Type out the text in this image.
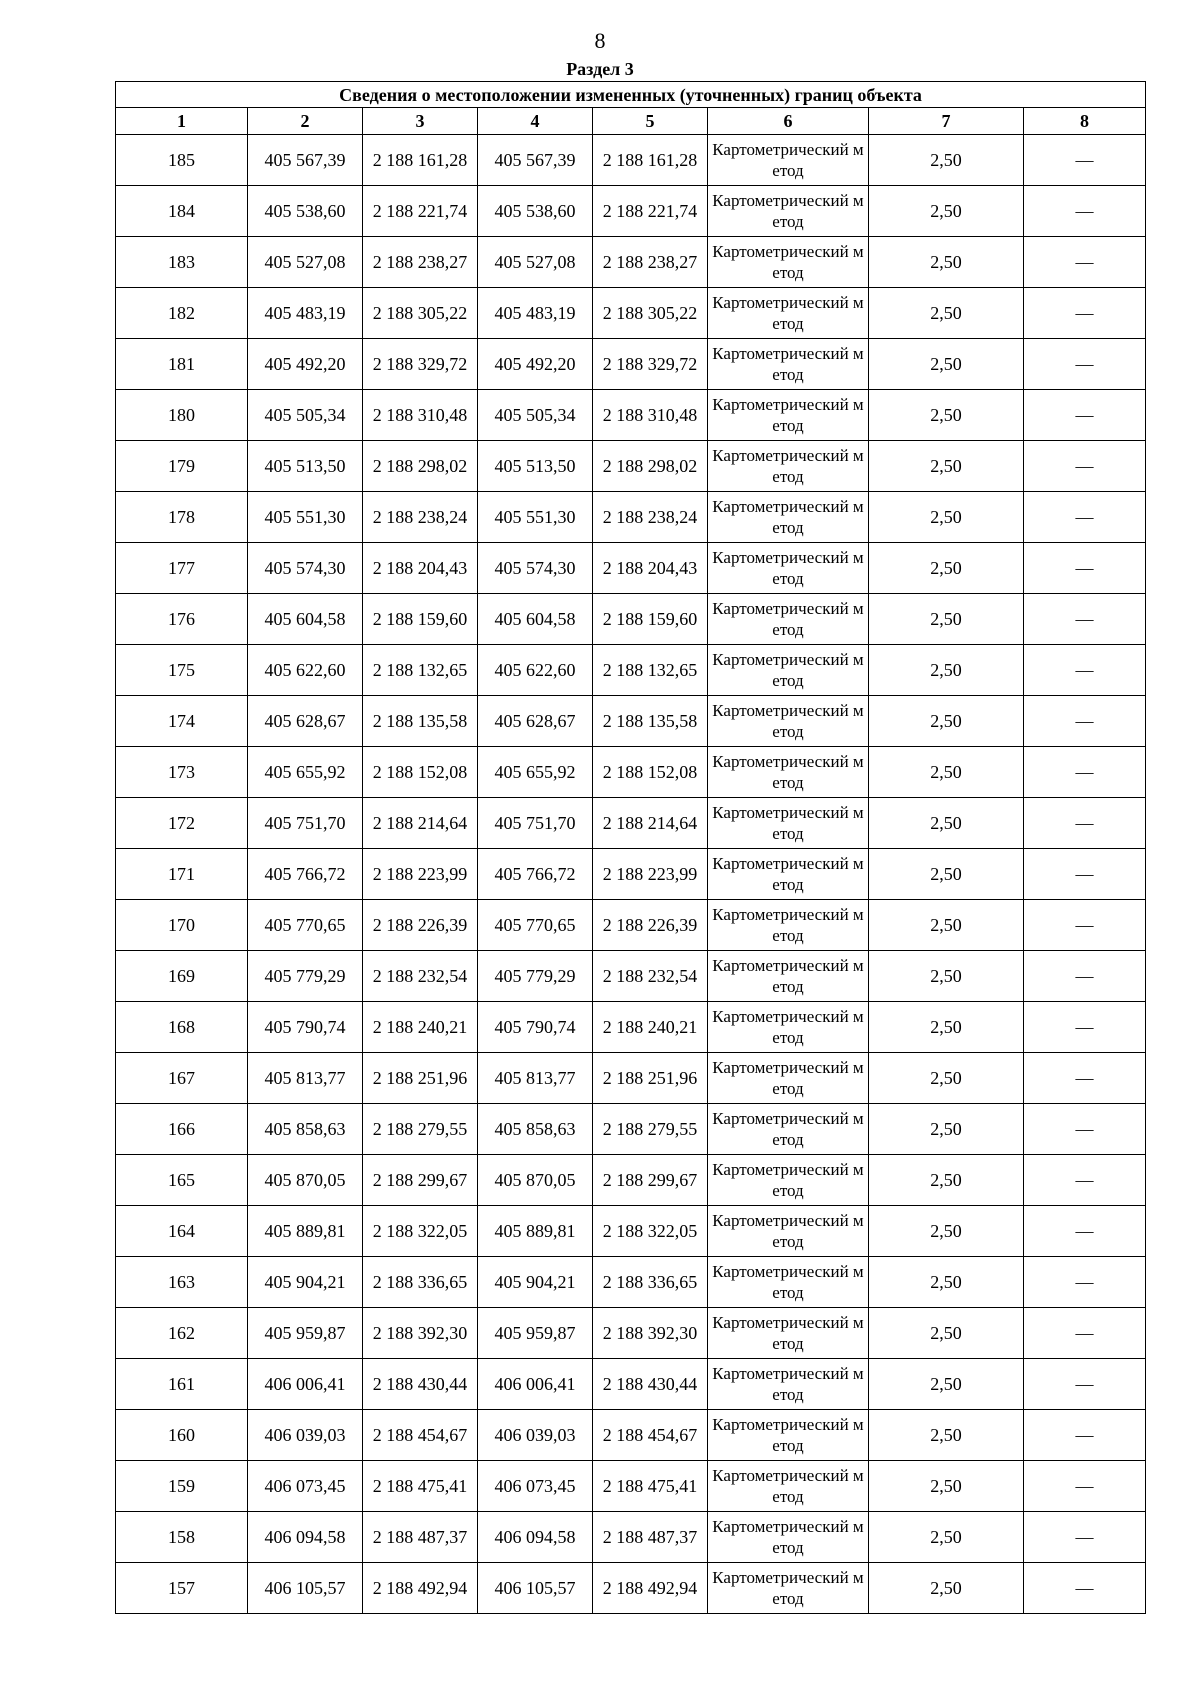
8
Раздел 3
Сведения о местоположении измененных (уточненных) границ объекта							
1	2	3	4	5	6	7	8
185	405 567,39	2 188 161,28	405 567,39	2 188 161,28	Картометрический метод	2,50	—
184	405 538,60	2 188 221,74	405 538,60	2 188 221,74	Картометрический метод	2,50	—
183	405 527,08	2 188 238,27	405 527,08	2 188 238,27	Картометрический метод	2,50	—
182	405 483,19	2 188 305,22	405 483,19	2 188 305,22	Картометрический метод	2,50	—
181	405 492,20	2 188 329,72	405 492,20	2 188 329,72	Картометрический метод	2,50	—
180	405 505,34	2 188 310,48	405 505,34	2 188 310,48	Картометрический метод	2,50	—
179	405 513,50	2 188 298,02	405 513,50	2 188 298,02	Картометрический метод	2,50	—
178	405 551,30	2 188 238,24	405 551,30	2 188 238,24	Картометрический метод	2,50	—
177	405 574,30	2 188 204,43	405 574,30	2 188 204,43	Картометрический метод	2,50	—
176	405 604,58	2 188 159,60	405 604,58	2 188 159,60	Картометрический метод	2,50	—
175	405 622,60	2 188 132,65	405 622,60	2 188 132,65	Картометрический метод	2,50	—
174	405 628,67	2 188 135,58	405 628,67	2 188 135,58	Картометрический метод	2,50	—
173	405 655,92	2 188 152,08	405 655,92	2 188 152,08	Картометрический метод	2,50	—
172	405 751,70	2 188 214,64	405 751,70	2 188 214,64	Картометрический метод	2,50	—
171	405 766,72	2 188 223,99	405 766,72	2 188 223,99	Картометрический метод	2,50	—
170	405 770,65	2 188 226,39	405 770,65	2 188 226,39	Картометрический метод	2,50	—
169	405 779,29	2 188 232,54	405 779,29	2 188 232,54	Картометрический метод	2,50	—
168	405 790,74	2 188 240,21	405 790,74	2 188 240,21	Картометрический метод	2,50	—
167	405 813,77	2 188 251,96	405 813,77	2 188 251,96	Картометрический метод	2,50	—
166	405 858,63	2 188 279,55	405 858,63	2 188 279,55	Картометрический метод	2,50	—
165	405 870,05	2 188 299,67	405 870,05	2 188 299,67	Картометрический метод	2,50	—
164	405 889,81	2 188 322,05	405 889,81	2 188 322,05	Картометрический метод	2,50	—
163	405 904,21	2 188 336,65	405 904,21	2 188 336,65	Картометрический метод	2,50	—
162	405 959,87	2 188 392,30	405 959,87	2 188 392,30	Картометрический метод	2,50	—
161	406 006,41	2 188 430,44	406 006,41	2 188 430,44	Картометрический метод	2,50	—
160	406 039,03	2 188 454,67	406 039,03	2 188 454,67	Картометрический метод	2,50	—
159	406 073,45	2 188 475,41	406 073,45	2 188 475,41	Картометрический метод	2,50	—
158	406 094,58	2 188 487,37	406 094,58	2 188 487,37	Картометрический метод	2,50	—
157	406 105,57	2 188 492,94	406 105,57	2 188 492,94	Картометрический метод	2,50	—
